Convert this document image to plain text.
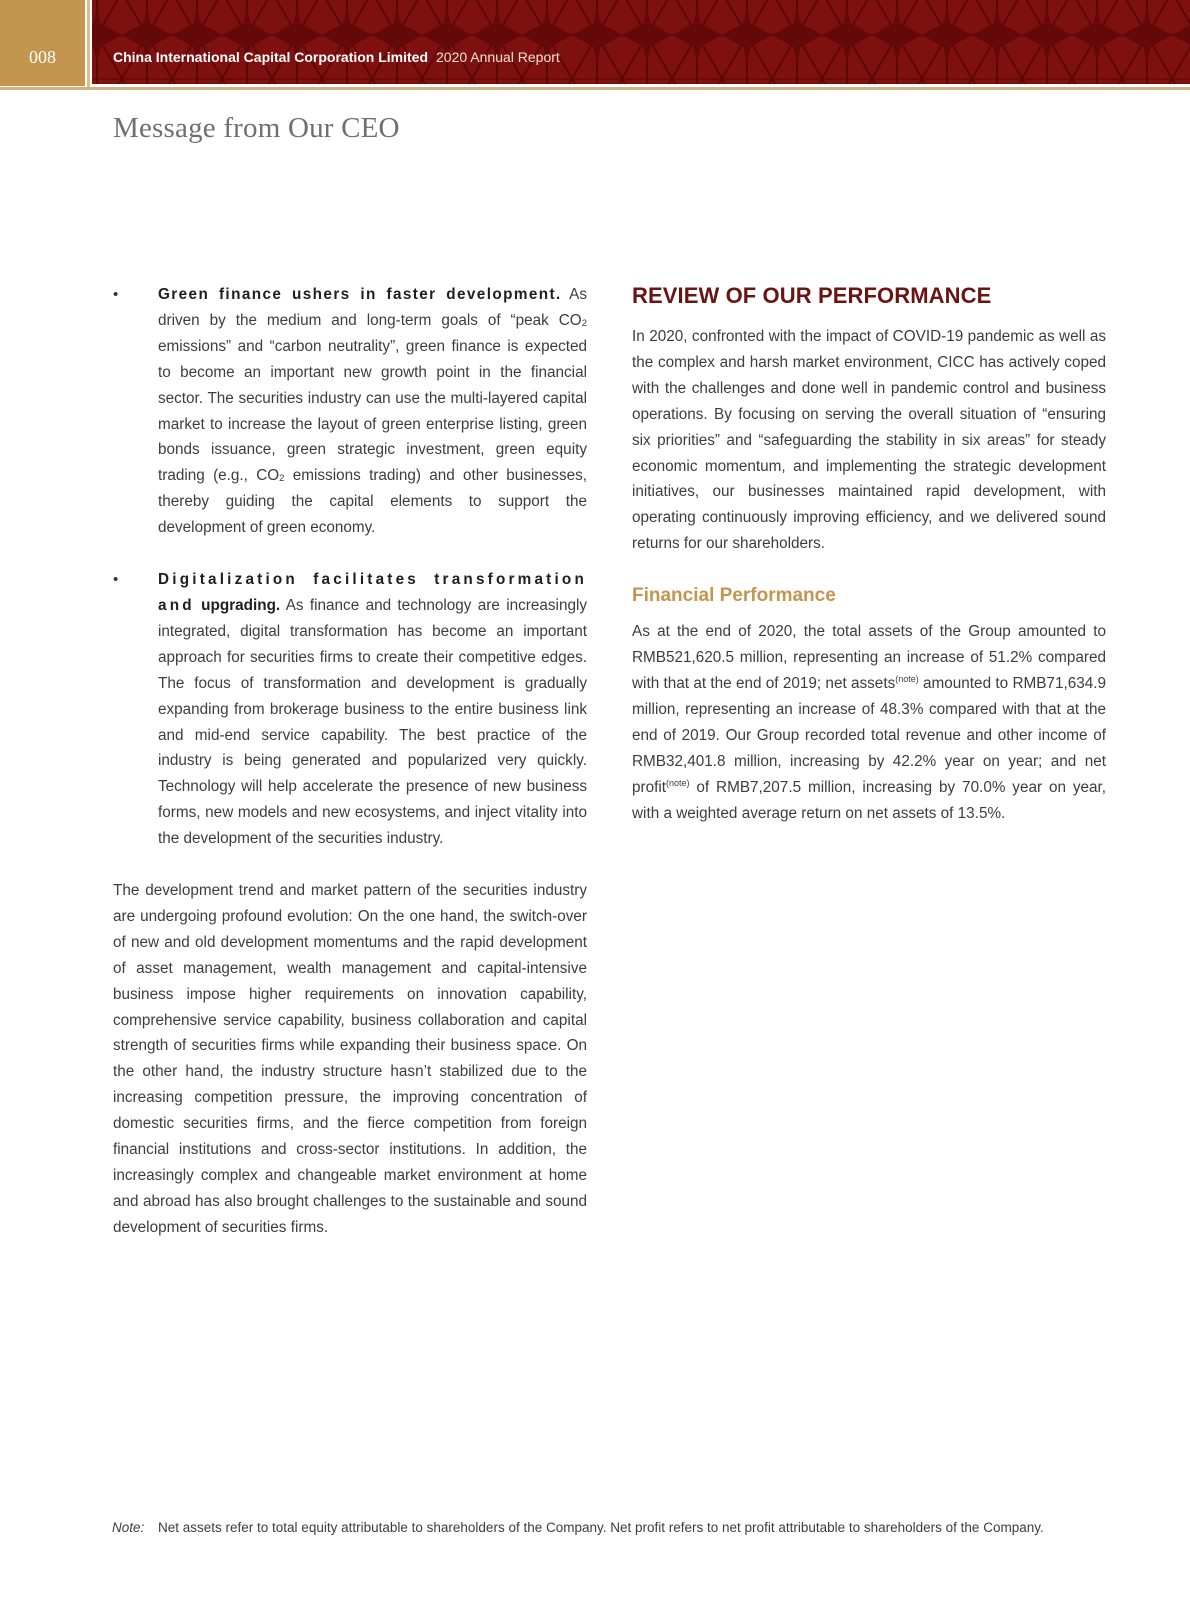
008	China International Capital Corporation Limited 2020 Annual Report
Message from Our CEO
•	Green finance ushers in faster development. As driven by the medium and long-term goals of “peak $CO_2$ emissions” and “carbon neutrality”, green finance is expected to become an important new growth point in the financial sector. The securities industry can use the multi-layered capital market to increase the layout of green enterprise listing, green bonds issuance, green strategic investment, green equity trading (e.g., $CO_2$ emissions trading) and other businesses, thereby guiding the capital elements to support the development of green economy.

•	Digitalization facilitates transformation and upgrading. As finance and technology are increasingly integrated, digital transformation has become an important approach for securities firms to create their competitive edges. The focus of transformation and development is gradually expanding from brokerage business to the entire business link and mid-end service capability. The best practice of the industry is being generated and popularized very quickly. Technology will help accelerate the presence of new business forms, new models and new ecosystems, and inject vitality into the development of the securities industry.

The development trend and market pattern of the securities industry are undergoing profound evolution: On the one hand, the switch-over of new and old development momentums and the rapid development of asset management, wealth management and capital-intensive business impose higher requirements on innovation capability, comprehensive service capability, business collaboration and capital strength of securities firms while expanding their business space. On the other hand, the industry structure hasn’t stabilized due to the increasing competition pressure, the improving concentration of domestic securities firms, and the fierce competition from foreign financial institutions and cross-sector institutions. In addition, the increasingly complex and changeable market environment at home and abroad has also brought challenges to the sustainable and sound development of securities firms.

REVIEW OF OUR PERFORMANCE

In 2020, confronted with the impact of COVID-19 pandemic as well as the complex and harsh market environment, CICC has actively coped with the challenges and done well in pandemic control and business operations. By focusing on serving the overall situation of “ensuring six priorities” and “safeguarding the stability in six areas” for steady economic momentum, and implementing the strategic development initiatives, our businesses maintained rapid development, with operating continuously improving efficiency, and we delivered sound returns for our shareholders.

Financial Performance

As at the end of 2020, the total assets of the Group amounted to RMB521,620.5 million, representing an increase of 51.2% compared with that at the end of 2019; net assets$^{(note)}$ amounted to RMB71,634.9 million, representing an increase of 48.3% compared with that at the end of 2019. Our Group recorded total revenue and other income of RMB32,401.8 million, increasing by 42.2% year on year; and net profit$^{(note)}$ of RMB7,207.5 million, increasing by 70.0% year on year, with a weighted average return on net assets of 13.5%.

Note:	Net assets refer to total equity attributable to shareholders of the Company. Net profit refers to net profit attributable to shareholders of the Company.
